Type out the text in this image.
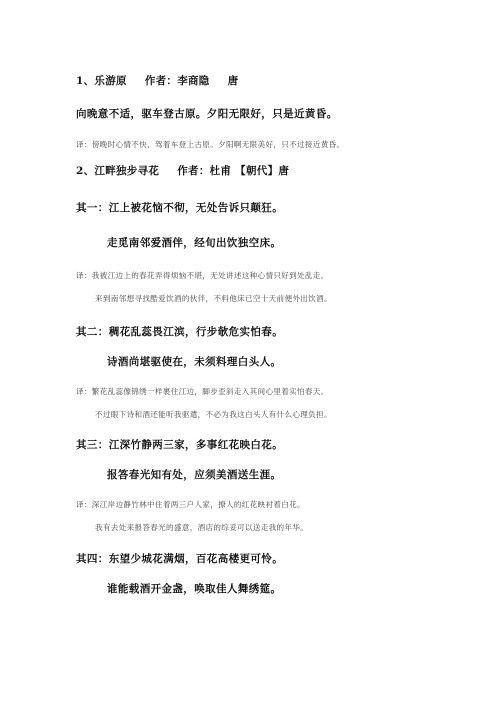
1、乐游原 作者：李商隐 唐
向晚意不适，驱车登古原。夕阳无限好，只是近黄昏。
译：傍晚时心情不快，驾着车登上古原。夕阳啊无限美好，只不过接近黄昏。
2、江畔独步寻花 作者：杜甫 【朝代】唐
其一：江上被花恼不彻，无处告诉只颠狂。
走觅南邻爱酒伴，经旬出饮独空床。
译：我被江边上的春花弄得烦恼不堪，无处讲述这种心情只好到处乱走。
来到南邻想寻找酷爱饮酒的伙伴，不料他床已空十天前便外出饮酒。
其二：稠花乱蕊畏江滨，行步欹危实怕春。
诗酒尚堪驱使在，未须料理白头人。
译：繁花乱蕊像锦绣一样裹住江边，脚步歪斜走入其间心里着实怕春天。
不过眼下诗和酒还能听我驱遣，不必为我这白头人有什么心理负担。
其三：江深竹静两三家，多事红花映白花。
报答春光知有处，应须美酒送生涯。
译：深江岸边静竹林中住着两三户人家，撩人的红花映衬着白花。
我有去处来报答春光的盛意，酒店的综妥可以送走我的年华。
其四：东望少城花满烟，百花高楼更可怜。
谁能载酒开金盏，唤取佳人舞绣筵。
